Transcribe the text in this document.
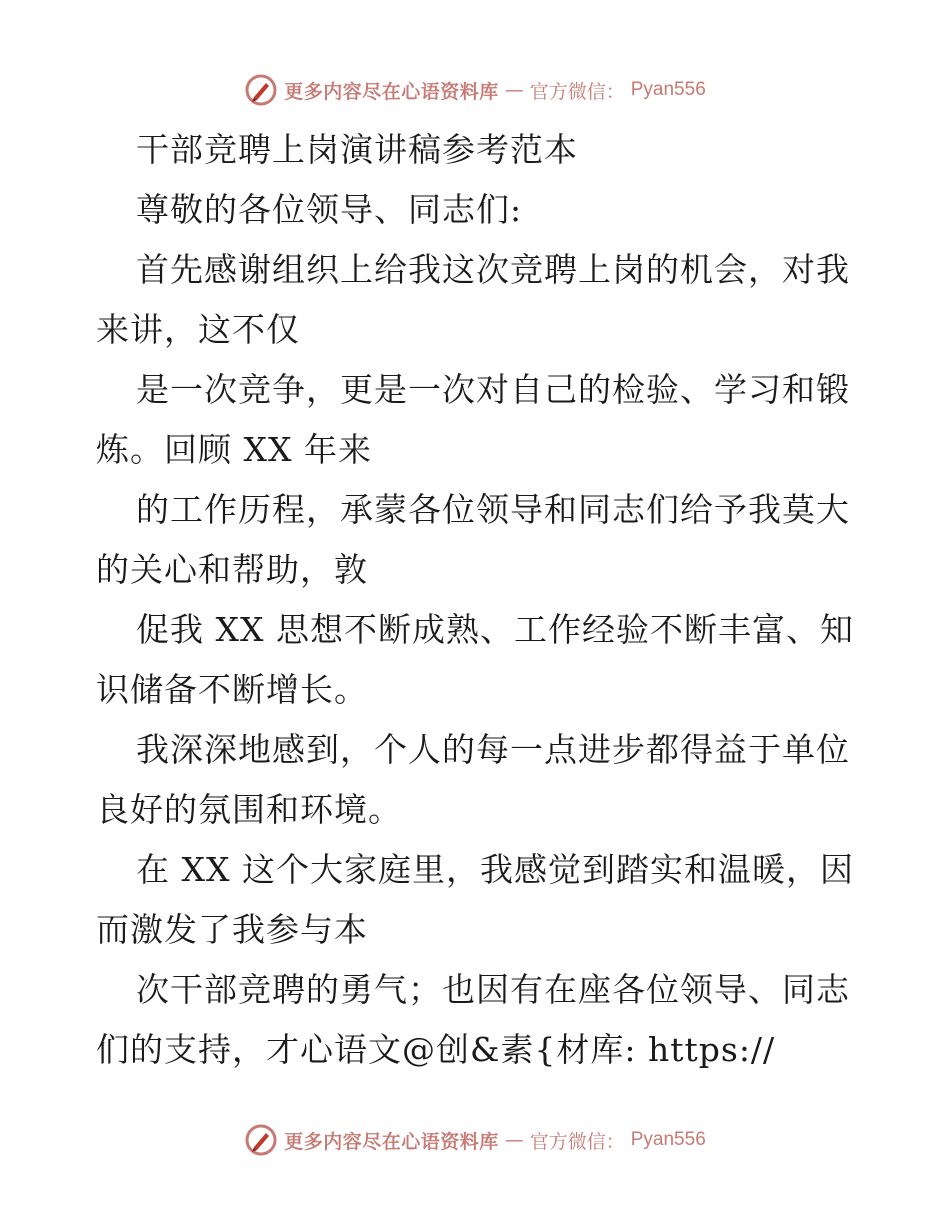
更多内容尽在心语资料库 — 官方微信： Pyan556
干部竞聘上岗演讲稿参考范本
尊敬的各位领导、同志们:
首先感谢组织上给我这次竞聘上岗的机会，对我
来讲，这不仅
是一次竞争，更是一次对自己的检验、学习和锻
炼。回顾 XX 年来
的工作历程，承蒙各位领导和同志们给予我莫大
的关心和帮助，敦
促我 XX 思想不断成熟、工作经验不断丰富、知
识储备不断增长。
我深深地感到，个人的每一点进步都得益于单位
良好的氛围和环境。
在 XX 这个大家庭里，我感觉到踏实和温暖，因
而激发了我参与本
次干部竞聘的勇气；也因有在座各位领导、同志
们的支持，才心语文@创&素{材库: https://
更多内容尽在心语资料库 — 官方微信： Pyan556
